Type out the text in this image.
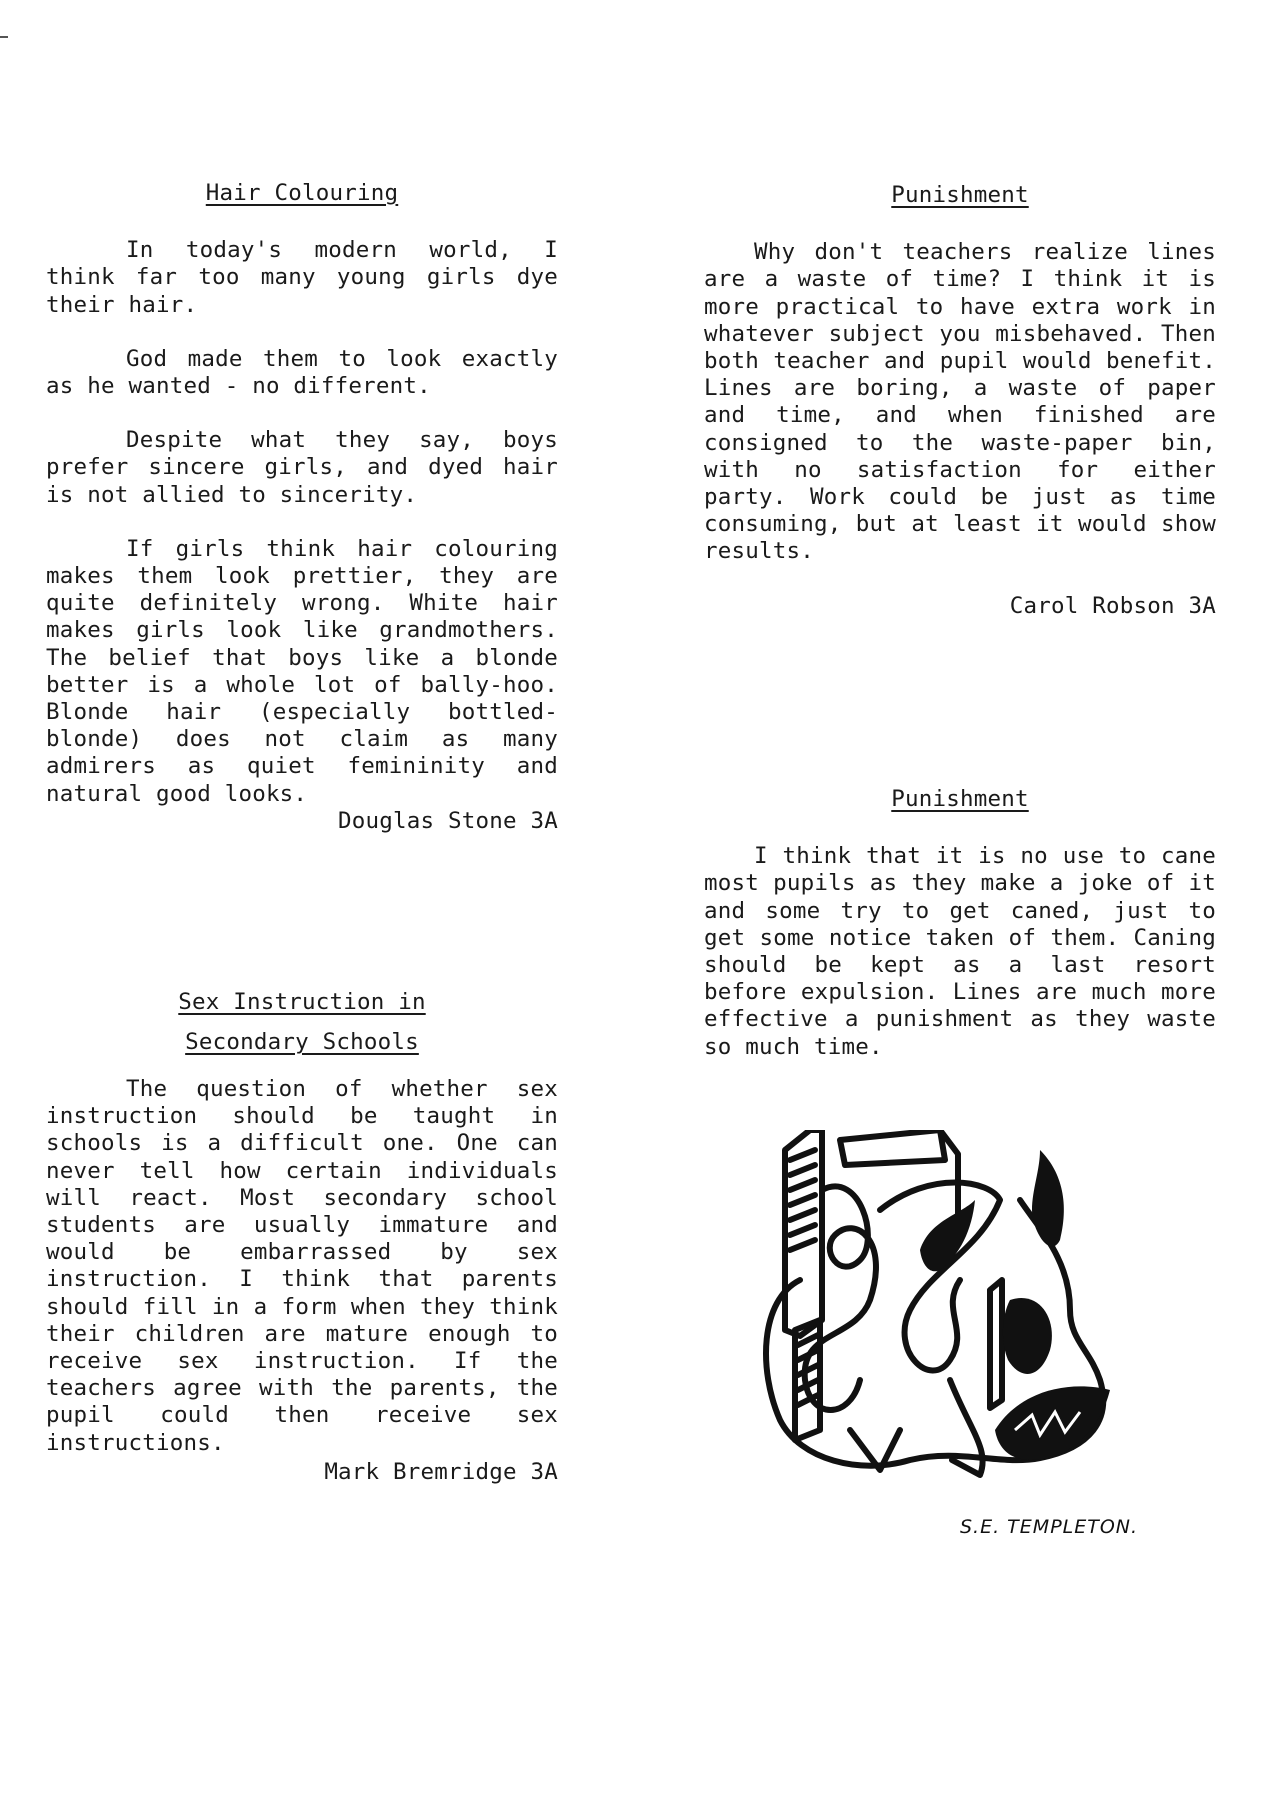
Hair Colouring

In today's modern world, I think far too many young girls dye their hair.

God made them to look exactly as he wanted - no different.

Despite what they say, boys prefer sincere girls, and dyed hair is not allied to sincerity.

If girls think hair colouring makes them look prettier, they are quite definitely wrong. White hair makes girls look like grandmothers. The belief that boys like a blonde better is a whole lot of bally-hoo. Blonde hair (especially bottled-blonde) does not claim as many admirers as quiet femininity and natural good looks.

Douglas Stone 3A

Sex Instruction in

Secondary Schools

The question of whether sex instruction should be taught in schools is a difficult one. One can never tell how certain individuals will react. Most secondary school students are usually immature and would be embarrassed by sex instruction. I think that parents should fill in a form when they think their children are mature enough to receive sex instruction. If the teachers agree with the parents, the pupil could then receive sex instructions.

Mark Bremridge 3A

Punishment

Why don't teachers realize lines are a waste of time? I think it is more practical to have extra work in whatever subject you misbehaved. Then both teacher and pupil would benefit. Lines are boring, a waste of paper and time, and when finished are consigned to the waste-paper bin, with no satisfaction for either party. Work could be just as time consuming, but at least it would show results.

Carol Robson 3A

Punishment

I think that it is no use to cane most pupils as they make a joke of it and some try to get caned, just to get some notice taken of them. Caning should be kept as a last resort before expulsion. Lines are much more effective a punishment as they waste so much time.

S.E. TEMPLETON.
